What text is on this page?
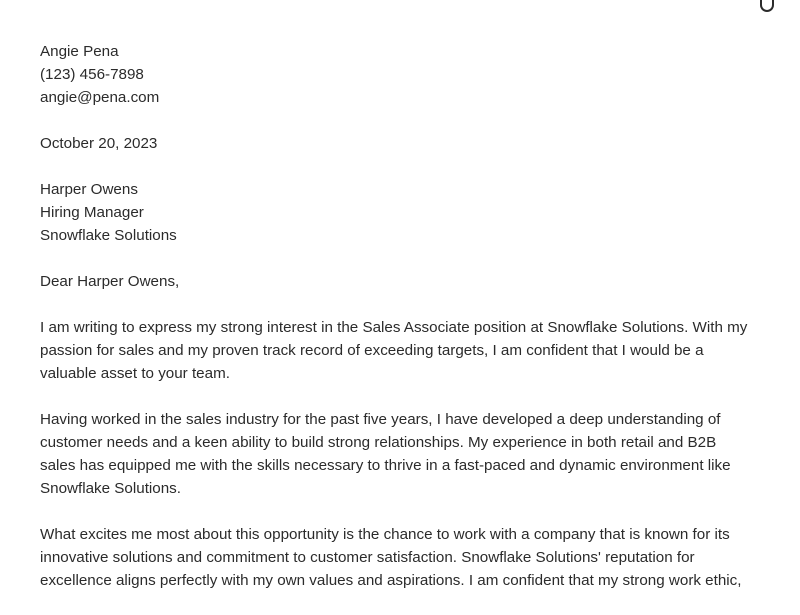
Angie Pena
(123) 456-7898
angie@pena.com
October 20, 2023
Harper Owens
Hiring Manager
Snowflake Solutions
Dear Harper Owens,

I am writing to express my strong interest in the Sales Associate position at Snowflake Solutions. With my
passion for sales and my proven track record of exceeding targets, I am confident that I would be a
valuable asset to your team.

Having worked in the sales industry for the past five years, I have developed a deep understanding of
customer needs and a keen ability to build strong relationships. My experience in both retail and B2B
sales has equipped me with the skills necessary to thrive in a fast-paced and dynamic environment like
Snowflake Solutions.

What excites me most about this opportunity is the chance to work with a company that is known for its
innovative solutions and commitment to customer satisfaction. Snowflake Solutions' reputation for
excellence aligns perfectly with my own values and aspirations. I am confident that my strong work ethic,
